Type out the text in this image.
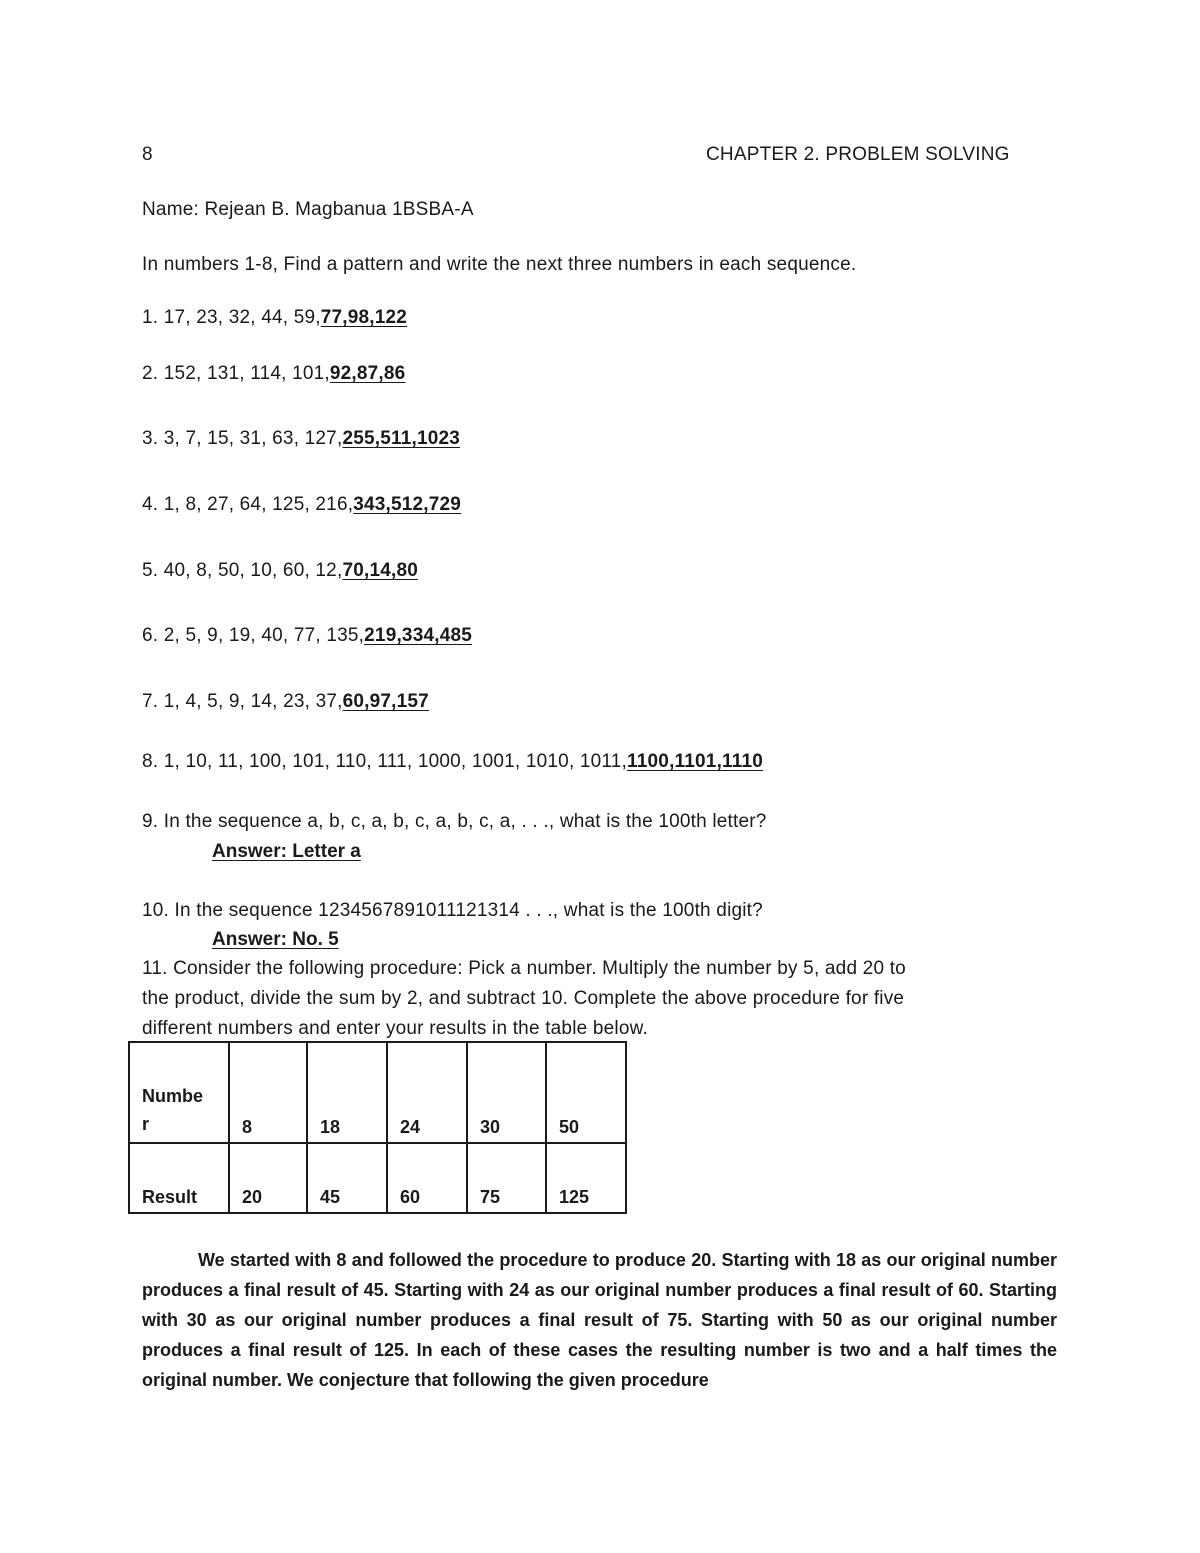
8	CHAPTER 2. PROBLEM SOLVING
Name: Rejean B. Magbanua 1BSBA-A
In numbers 1-8, Find a pattern and write the next three numbers in each sequence.
1. 17, 23, 32, 44, 59,77,98,122
2. 152, 131, 114, 101,92,87,86
3. 3, 7, 15, 31, 63, 127,255,511,1023
4. 1, 8, 27, 64, 125, 216,343,512,729
5. 40, 8, 50, 10, 60, 12,70,14,80
6. 2, 5, 9, 19, 40, 77, 135,219,334,485
7. 1, 4, 5, 9, 14, 23, 37,60,97,157
8. 1, 10, 11, 100, 101, 110, 111, 1000, 1001, 1010, 1011,1100,1101,1110
9. In the sequence a, b, c, a, b, c, a, b, c, a, . . ., what is the 100th letter?
Answer: Letter a
10. In the sequence 1234567891011121314 . . ., what is the 100th digit?
Answer: No. 5
11. Consider the following procedure: Pick a number. Multiply the number by 5, add 20 to
the product, divide the sum by 2, and subtract 10. Complete the above procedure for five
different numbers and enter your results in the table below.
Numbe
r	8	18	24	30	50
Result	20	45	60	75	125
We started with 8 and followed the procedure to produce 20. Starting with 18 as our original number produces a final result of 45. Starting with 24 as our original number produces a final result of 60. Starting with 30 as our original number produces a final result of 75. Starting with 50 as our original number produces a final result of 125. In each of these cases the resulting number is two and a half times the original number. We conjecture that following the given procedure
